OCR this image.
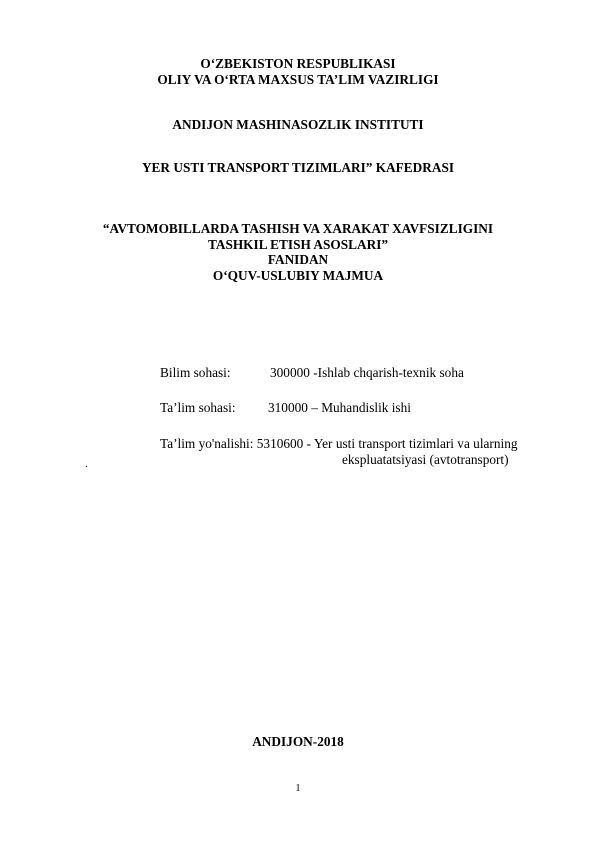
O‘ZBEKISTON RESPUBLIKASI
OLIY VA O‘RTA MAXSUS TA’LIM VAZIRLIGI
ANDIJON MASHINASOZLIK INSTITUTI
YER USTI TRANSPORT TIZIMLARI” KAFEDRASI
“AVTOMOBILLARDA TASHISH VA XARAKAT XAVFSIZLIGINI
TASHKIL ETISH ASOSLARI”
FANIDAN
O‘QUV-USLUBIY MAJMUA
Bilim sohasi:	300000 -Ishlab chqarish-texnik soha
Ta’lim sohasi: 310000 – Muhandislik ishi
Ta’lim yo'nalishi: 5310600 - Yer usti transport tizimlari va ularning
.	ekspluatatsiyasi (avtotransport)
ANDIJON-2018
1
